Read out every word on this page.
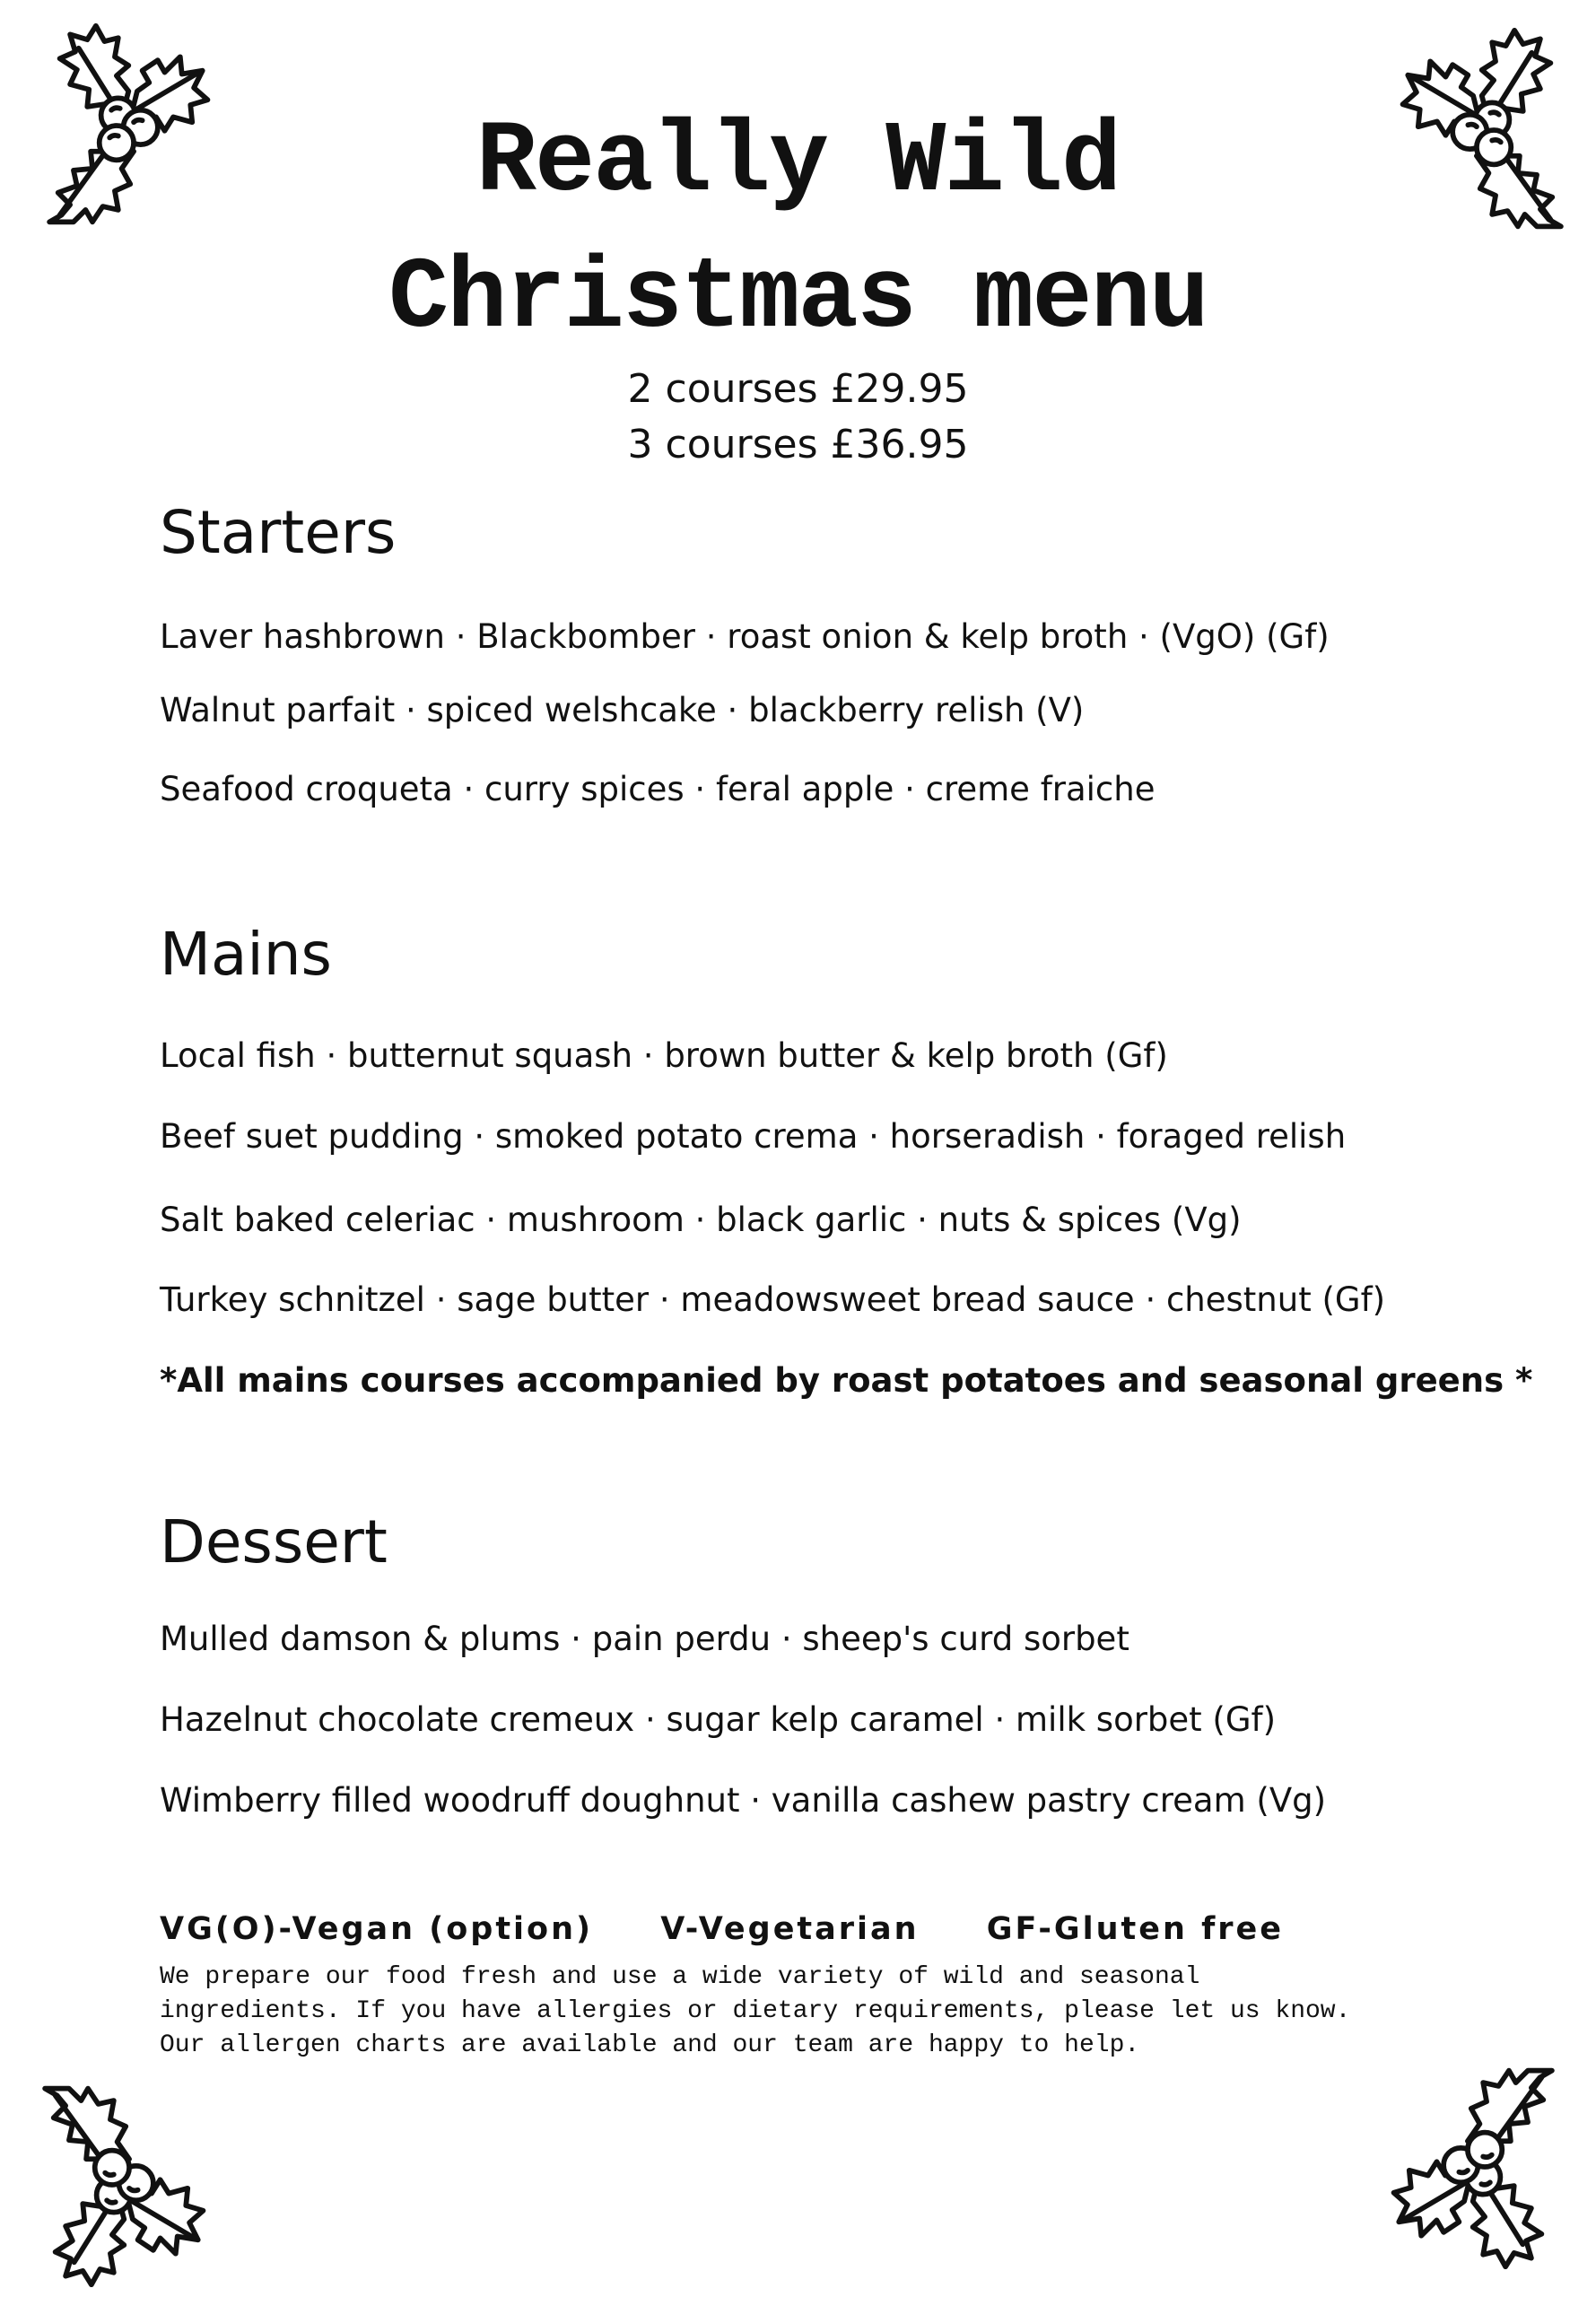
Really Wild
Christmas menu

2 courses £29.95

3 courses £36.95

Starters

Laver hashbrown · Blackbomber · roast onion & kelp broth · (VgO) (Gf)

Walnut parfait · spiced welshcake · blackberry relish (V)

Seafood croqueta · curry spices · feral apple · creme fraiche

Mains

Local fish · butternut squash · brown butter & kelp broth (Gf)

Beef suet pudding · smoked potato crema · horseradish · foraged relish

Salt baked celeriac · mushroom · black garlic · nuts & spices (Vg)

Turkey schnitzel · sage butter · meadowsweet bread sauce · chestnut (Gf)

*All mains courses accompanied by roast potatoes and seasonal greens *

Dessert

Mulled damson & plums · pain perdu · sheep's curd sorbet

Hazelnut chocolate cremeux · sugar kelp caramel · milk sorbet (Gf)

Wimberry filled woodruff doughnut · vanilla cashew pastry cream (Vg)

VG(O)-Vegan (option) V-Vegetarian GF-Gluten free

We prepare our food fresh and use a wide variety of wild and seasonal
ingredients. If you have allergies or dietary requirements, please let us know.
Our allergen charts are available and our team are happy to help.
